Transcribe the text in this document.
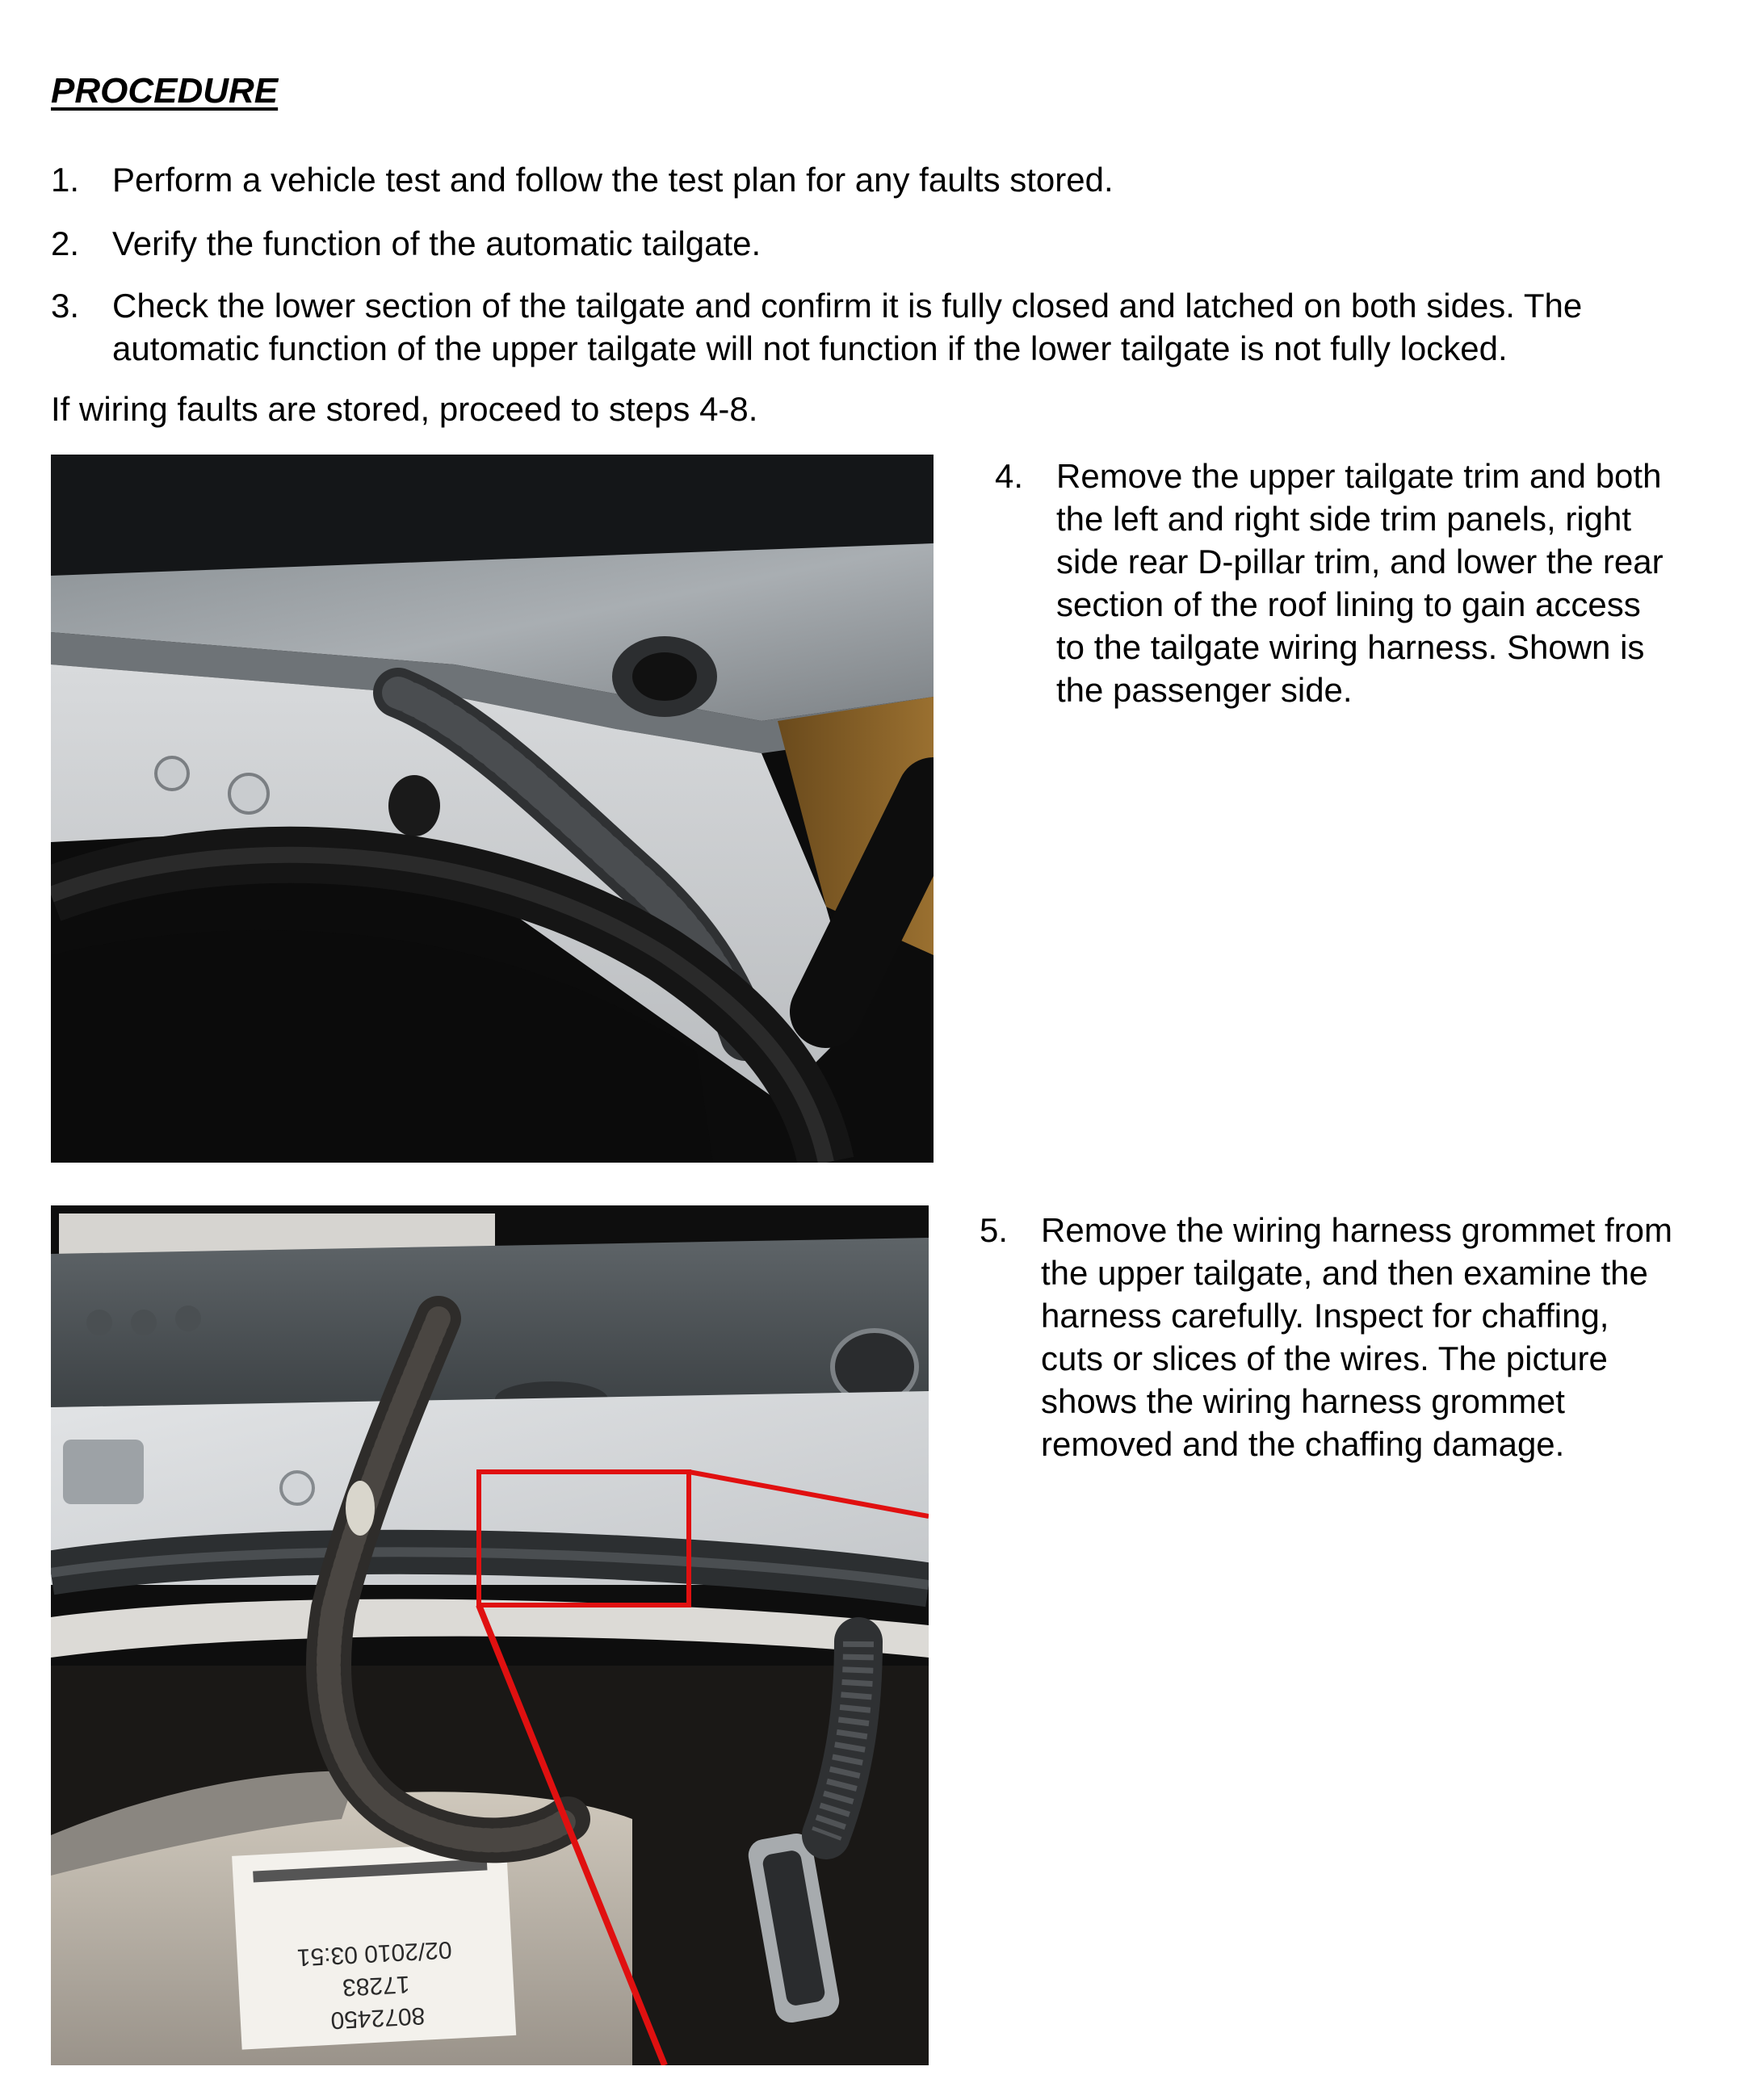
PROCEDURE
1. Perform a vehicle test and follow the test plan for any faults stored.
2. Verify the function of the automatic tailgate.
3. Check the lower section of the tailgate and confirm it is fully closed and latched on both sides. The
automatic function of the upper tailgate will not function if the lower tailgate is not fully locked.
If wiring faults are stored, proceed to steps 4-8.
4. Remove the upper tailgate trim and both
the left and right side trim panels, right
side rear D-pillar trim, and lower the rear
section of the roof lining to gain access
to the tailgate wiring harness. Shown is
the passenger side.
8072450
17283
02/2010 03:51
5. Remove the wiring harness grommet from
the upper tailgate, and then examine the
harness carefully. Inspect for chaffing,
cuts or slices of the wires. The picture
shows the wiring harness grommet
removed and the chaffing damage.
